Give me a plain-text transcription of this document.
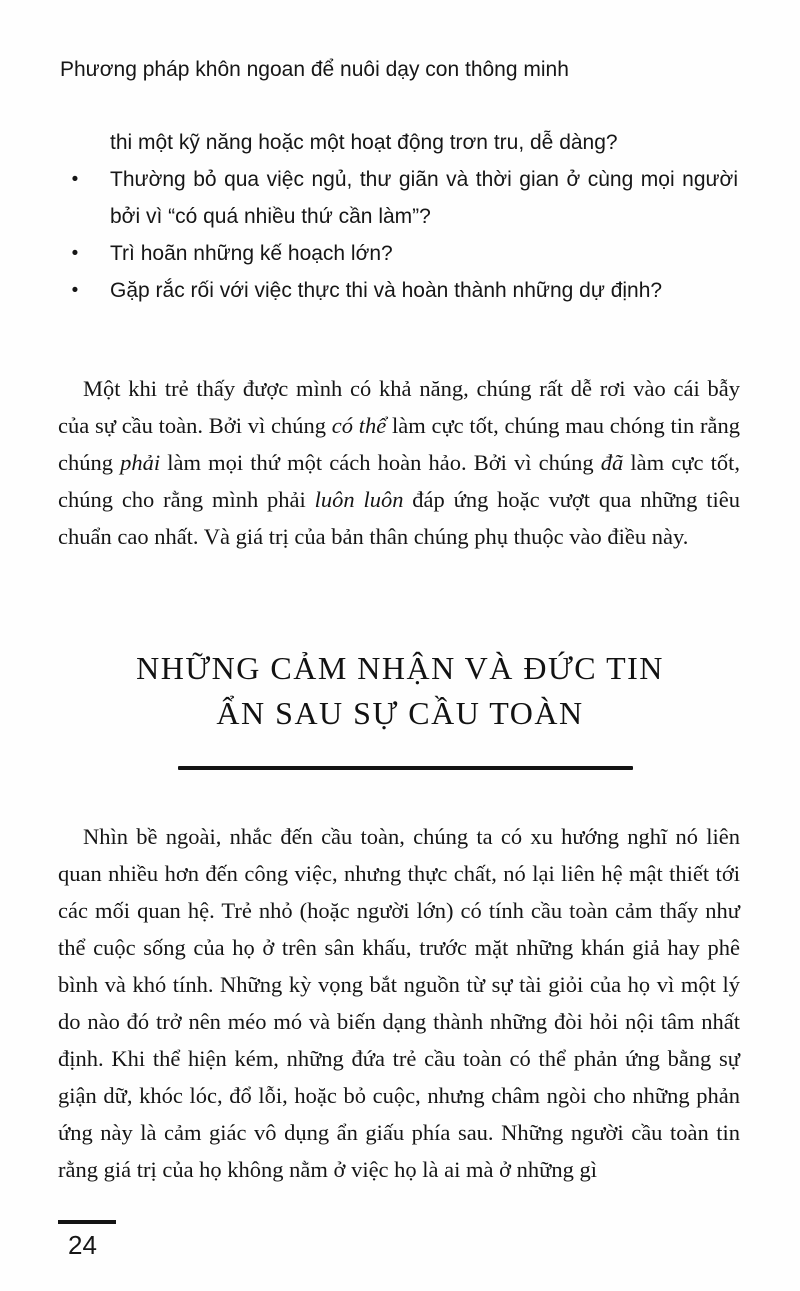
Phương pháp khôn ngoan để nuôi dạy con thông minh
thi một kỹ năng hoặc một hoạt động trơn tru, dễ dàng?
•	Thường bỏ qua việc ngủ, thư giãn và thời gian ở cùng mọi người bởi vì “có quá nhiều thứ cần làm”?
•	Trì hoãn những kế hoạch lớn?
•	Gặp rắc rối với việc thực thi và hoàn thành những dự định?
Một khi trẻ thấy được mình có khả năng, chúng rất dễ rơi vào cái bẫy của sự cầu toàn. Bởi vì chúng có thể làm cực tốt, chúng mau chóng tin rằng chúng phải làm mọi thứ một cách hoàn hảo. Bởi vì chúng đã làm cực tốt, chúng cho rằng mình phải luôn luôn đáp ứng hoặc vượt qua những tiêu chuẩn cao nhất. Và giá trị của bản thân chúng phụ thuộc vào điều này.
NHỮNG CẢM NHẬN VÀ ĐỨC TIN
ẨN SAU SỰ CẦU TOÀN
Nhìn bề ngoài, nhắc đến cầu toàn, chúng ta có xu hướng nghĩ nó liên quan nhiều hơn đến công việc, nhưng thực chất, nó lại liên hệ mật thiết tới các mối quan hệ. Trẻ nhỏ (hoặc người lớn) có tính cầu toàn cảm thấy như thể cuộc sống của họ ở trên sân khấu, trước mặt những khán giả hay phê bình và khó tính. Những kỳ vọng bắt nguồn từ sự tài giỏi của họ vì một lý do nào đó trở nên méo mó và biến dạng thành những đòi hỏi nội tâm nhất định. Khi thể hiện kém, những đứa trẻ cầu toàn có thể phản ứng bằng sự giận dữ, khóc lóc, đổ lỗi, hoặc bỏ cuộc, nhưng châm ngòi cho những phản ứng này là cảm giác vô dụng ẩn giấu phía sau. Những người cầu toàn tin rằng giá trị của họ không nằm ở việc họ là ai mà ở những gì
24
